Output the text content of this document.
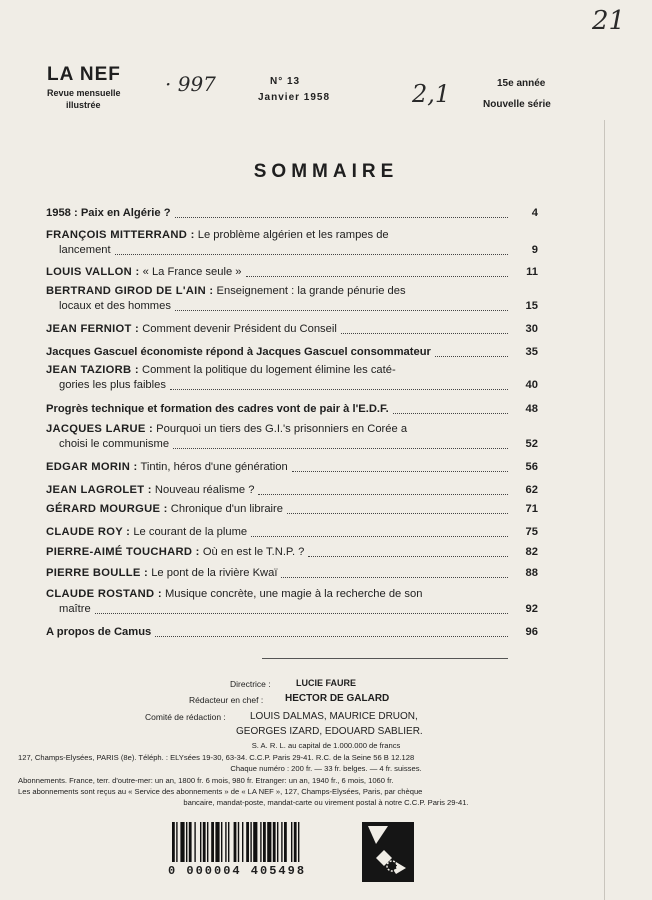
LA NEF
Revue mensuelle
illustrée
N° 13
Janvier 1958
15e année
Nouvelle série
21
· 997	2,1
SOMMAIRE
1958 : Paix en Algérie ?	4
FRANÇOIS MITTERRAND : Le problème algérien et les rampes de
lancement	9
LOUIS VALLON : « La France seule »	11
BERTRAND GIROD DE L'AIN : Enseignement : la grande pénurie des
locaux et des hommes	15
JEAN FERNIOT : Comment devenir Président du Conseil	30
Jacques Gascuel économiste répond à Jacques Gascuel consommateur	35
JEAN TAZIORB : Comment la politique du logement élimine les caté-
gories les plus faibles	40
Progrès technique et formation des cadres vont de pair à l'E.D.F.	48
JACQUES LARUE : Pourquoi un tiers des G.I.'s prisonniers en Corée a
choisi le communisme	52
EDGAR MORIN : Tintin, héros d'une génération	56
JEAN LAGROLET : Nouveau réalisme ?	62
GÉRARD MOURGUE : Chronique d'un libraire	71
CLAUDE ROY : Le courant de la plume	75
PIERRE-AIMÉ TOUCHARD : Où en est le T.N.P. ?	82
PIERRE BOULLE : Le pont de la rivière Kwaï	88
CLAUDE ROSTAND : Musique concrète, une magie à la recherche de son
maître	92
A propos de Camus	96
Directrice :	LUCIE FAURE
Rédacteur en chef : HECTOR DE GALARD
Comité de rédaction : LOUIS DALMAS, MAURICE DRUON,
GEORGES IZARD, EDOUARD SABLIER.
S. A. R. L. au capital de 1.000.000 de francs
127, Champs-Elysées, PARIS (8e). Téléph. : ELYsées 19-30, 63-34. C.C.P. Paris 29-41. R.C. de la Seine 56 B 12.128
Chaque numéro : 200 fr. — 33 fr. belges. — 4 fr. suisses.
Abonnements. France, terr. d'outre-mer: un an, 1800 fr. 6 mois, 980 fr. Etranger: un an, 1940 fr., 6 mois, 1060 fr.
Les abonnements sont reçus au « Service des abonnements » de « LA NEF », 127, Champs-Elysées, Paris, par chèque
bancaire, mandat-poste, mandat-carte ou virement postal à notre C.C.P. Paris 29-41.
0 000004 405498
